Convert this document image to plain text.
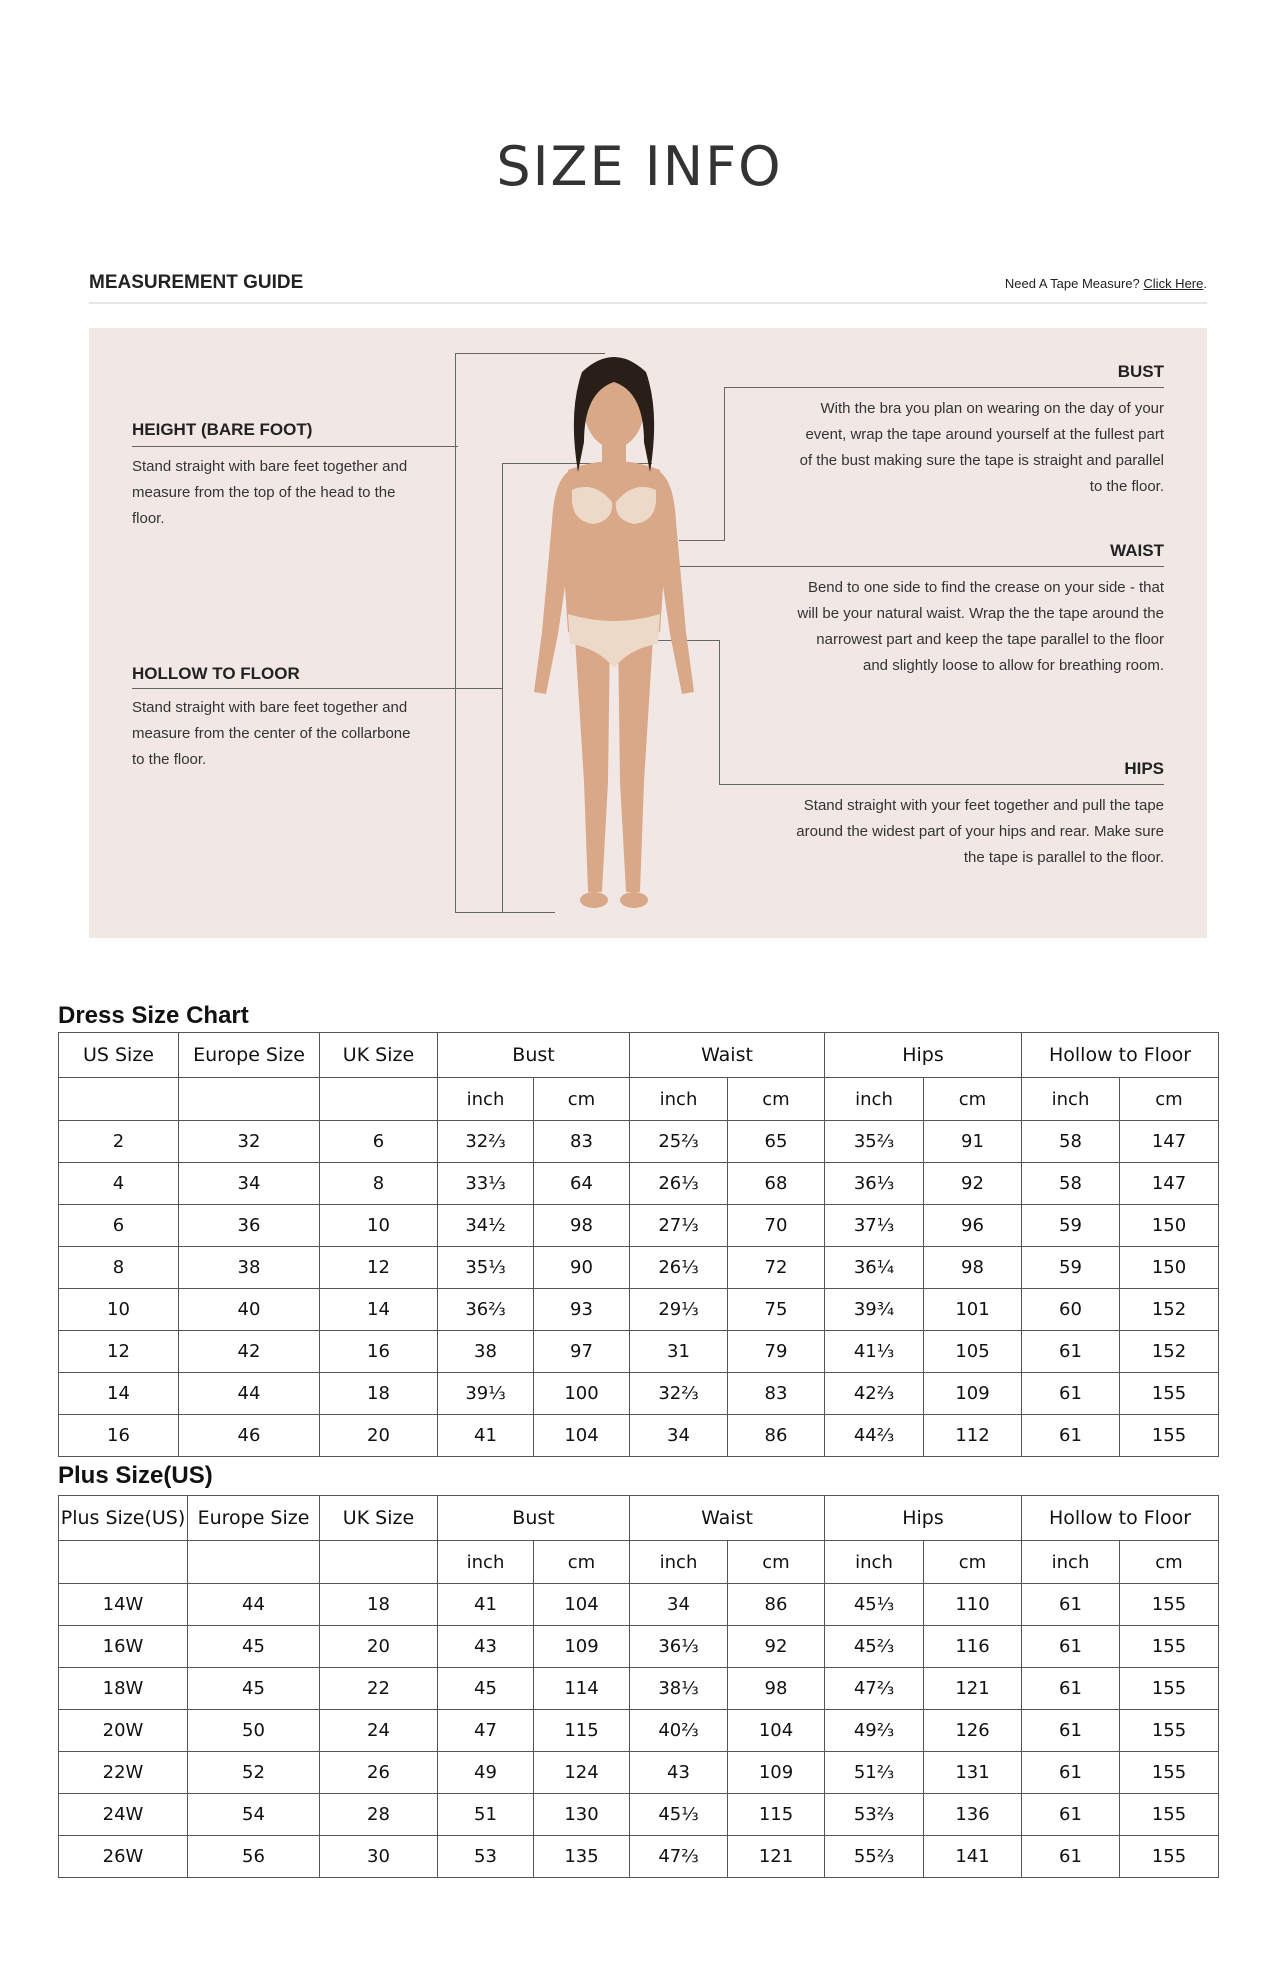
SIZE INFO
MEASUREMENT GUIDE	Need A Tape Measure? Click Here.
HEIGHT (BARE FOOT)
Stand straight with bare feet together and
measure from the top of the head to the
floor.
HOLLOW TO FLOOR
Stand straight with bare feet together and
measure from the center of the collarbone
to the floor.
BUST
With the bra you plan on wearing on the day of your
event, wrap the tape around yourself at the fullest part
of the bust making sure the tape is straight and parallel
to the floor.
WAIST
Bend to one side to find the crease on your side - that
will be your natural waist. Wrap the the tape around the
narrowest part and keep the tape parallel to the floor
and slightly loose to allow for breathing room.
HIPS
Stand straight with your feet together and pull the tape
around the widest part of your hips and rear. Make sure
the tape is parallel to the floor.
Dress Size Chart
US Size	Europe Size	UK Size	Bust		Waist		Hips		Hollow to Floor	
			inch	cm	inch	cm	inch	cm	inch	cm
2	32	6	32⅔	83	25⅔	65	35⅔	91	58	147
4	34	8	33⅓	64	26⅓	68	36⅓	92	58	147
6	36	10	34½	98	27⅓	70	37⅓	96	59	150
8	38	12	35⅓	90	26⅓	72	36¼	98	59	150
10	40	14	36⅔	93	29⅓	75	39¾	101	60	152
12	42	16	38	97	31	79	41⅓	105	61	152
14	44	18	39⅓	100	32⅔	83	42⅔	109	61	155
16	46	20	41	104	34	86	44⅔	112	61	155
Plus Size(US)
Plus Size(US)	Europe Size	UK Size	Bust		Waist		Hips		Hollow to Floor	
			inch	cm	inch	cm	inch	cm	inch	cm
14W	44	18	41	104	34	86	45⅓	110	61	155
16W	45	20	43	109	36⅓	92	45⅔	116	61	155
18W	45	22	45	114	38⅓	98	47⅔	121	61	155
20W	50	24	47	115	40⅔	104	49⅔	126	61	155
22W	52	26	49	124	43	109	51⅔	131	61	155
24W	54	28	51	130	45⅓	115	53⅔	136	61	155
26W	56	30	53	135	47⅔	121	55⅔	141	61	155
